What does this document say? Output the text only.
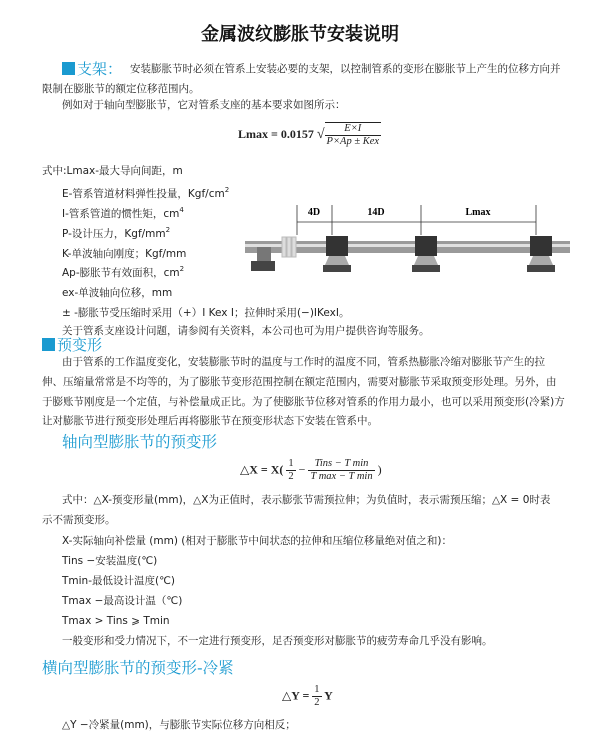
金属波纹膨胀节安装说明
支架： 安装膨胀节时必须在管系上安装必要的支架，以控制管系的变形在膨胀节上产生的位移方向并
限制在膨胀节的额定位移范围内。
例如对于轴向型膨胀节，它对管系支座的基本要求如图所示：
Lmax = 0.0157 √ $\frac{E\times I}{\text{P×Ap ± Kex}}$
式中:Lmax-最大导向间距，m
E-管系管道材料弹性投量，Kgf/$cm^2$
I-管系管道的惯性矩，$cm^4$
P-设计压力，Kgf/$mm^2$
K-单波轴向刚度；Kgf/mm
Ap-膨胀节有效面积，$cm^2$
ex-单波轴向位移，mm
± -膨胀节受压缩时采用（+）I Kex I；拉伸时采用(−)IKexI。
关于管系支座设计问题，请参阅有关资料，本公司也可为用户提供咨询等服务。
4D	14D	Lmax
预变形
由于管系的工作温度变化，安装膨胀节时的温度与工作时的温度不同，管系热膨胀冷缩对膨胀节产生的拉
伸、压缩量常常是不均等的，为了膨胀节变形范围控制在额定范围内，需要对膨胀节采取预变形处理。另外，由
于膨账节刚度是一个定值，与补偿量成正比。为了使膨胀节位移对管系的作用力最小，也可以采用预变形(冷紧)方
让对膨胀节进行预变形处理后再将膨胀节在预变形状态下安装在管系中。
轴向型膨胀节的预变形
△X = $X( \frac{1}{2} - \frac{\text{Tins − T min}}{\text{T max − T min}}$ )
式中：△X-预变形量(mm)，△X为正值时，表示膨张节需预拉伸；为负值时，表示需预压缩；△X = 0时表
示不需预变形。
X-实际轴向补偿量 (mm) (相对于膨胀节中间状态的拉伸和压缩位移量绝对值之和)：
Tins −安装温度(℃)
Tmin-最低设计温度(℃)
Tmax −最高设计温（℃)
Tmax > Tins ⩾ Tmin
一般变形和受力情况下，不一定进行预变形，足否预变形对膨胀节的疲劳寿命几乎没有影响。
横向型膨胀节的预变形-冷紧
△Y = $\frac{1}{2}$ Y
△Y −冷紧量(mm)，与膨胀节实际位移方向相反；
